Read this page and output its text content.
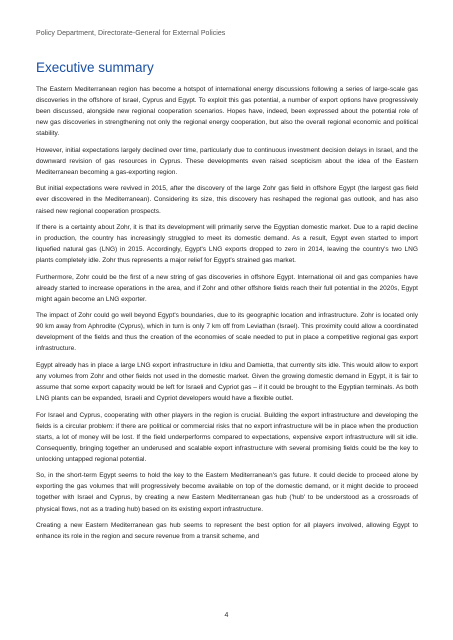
Policy Department, Directorate-General for External Policies
Executive summary

The Eastern Mediterranean region has become a hotspot of international energy discussions following a series of large-scale gas discoveries in the offshore of Israel, Cyprus and Egypt. To exploit this gas potential, a number of export options have progressively been discussed, alongside new regional cooperation scenarios. Hopes have, indeed, been expressed about the potential role of new gas discoveries in strengthening not only the regional energy cooperation, but also the overall regional economic and political stability.

However, initial expectations largely declined over time, particularly due to continuous investment decision delays in Israel, and the downward revision of gas resources in Cyprus. These developments even raised scepticism about the idea of the Eastern Mediterranean becoming a gas-exporting region.

But initial expectations were revived in 2015, after the discovery of the large Zohr gas field in offshore Egypt (the largest gas field ever discovered in the Mediterranean). Considering its size, this discovery has reshaped the regional gas outlook, and has also raised new regional cooperation prospects.

If there is a certainty about Zohr, it is that its development will primarily serve the Egyptian domestic market. Due to a rapid decline in production, the country has increasingly struggled to meet its domestic demand. As a result, Egypt even started to import liquefied natural gas (LNG) in 2015. Accordingly, Egypt's LNG exports dropped to zero in 2014, leaving the country's two LNG plants completely idle. Zohr thus represents a major relief for Egypt's strained gas market.

Furthermore, Zohr could be the first of a new string of gas discoveries in offshore Egypt. International oil and gas companies have already started to increase operations in the area, and if Zohr and other offshore fields reach their full potential in the 2020s, Egypt might again become an LNG exporter.

The impact of Zohr could go well beyond Egypt's boundaries, due to its geographic location and infrastructure. Zohr is located only 90 km away from Aphrodite (Cyprus), which in turn is only 7 km off from Leviathan (Israel). This proximity could allow a coordinated development of the fields and thus the creation of the economies of scale needed to put in place a competitive regional gas export infrastructure.

Egypt already has in place a large LNG export infrastructure in Idku and Damietta, that currently sits idle. This would allow to export any volumes from Zohr and other fields not used in the domestic market. Given the growing domestic demand in Egypt, it is fair to assume that some export capacity would be left for Israeli and Cypriot gas – if it could be brought to the Egyptian terminals. As both LNG plants can be expanded, Israeli and Cypriot developers would have a flexible outlet.

For Israel and Cyprus, cooperating with other players in the region is crucial. Building the export infrastructure and developing the fields is a circular problem: if there are political or commercial risks that no export infrastructure will be in place when the production starts, a lot of money will be lost. If the field underperforms compared to expectations, expensive export infrastructure will sit idle. Consequently, bringing together an underused and scalable export infrastructure with several promising fields could be the key to unlocking untapped regional potential.

So, in the short-term Egypt seems to hold the key to the Eastern Mediterranean's gas future. It could decide to proceed alone by exporting the gas volumes that will progressively become available on top of the domestic demand, or it might decide to proceed together with Israel and Cyprus, by creating a new Eastern Mediterranean gas hub ('hub' to be understood as a crossroads of physical flows, not as a trading hub) based on its existing export infrastructure.

Creating a new Eastern Mediterranean gas hub seems to represent the best option for all players involved, allowing Egypt to enhance its role in the region and secure revenue from a transit scheme, and

4
